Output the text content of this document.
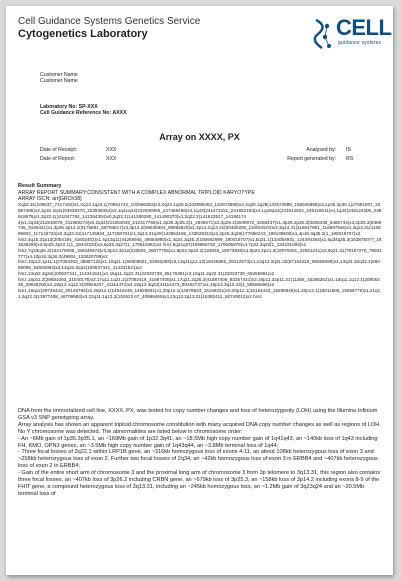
Cell Guidance Systems Genetics Service
Cytogenetics Laboratory	CELL
guidance systems
Customer Name
Customer Name
Laboratory No: SP-XXX
Cell Guidance Reference No: AXXX
Array on XXXX, PX
Date of Receipt:	XXX
Date of Report:	XXX
Analysed by: IS
Report generated by: RS
Result Summary
ARRAY REPORT SUMMARY:CONSISTENT WITH A COMPLEX ABNORMAL TRIPLOID KARYOTYPE
ARRAY ISCN: arr[GRCh38]
Xq22.31(106537_7417150)x1,Xq13.1q22.1(70651742_102996363)x3,Xq22.1q26.2(102996363_132572888)x4,Xq26.2q28(132572889_156040895)x3,1p35.3p35.1(27891007_33687488)x3,1p32.3q41(53529370_222939354)x3,1q41q44(222939355_247465468)x4,1q43(241473151_241652183)x4,1q43q44(241612832_245115611)x4,1q44(245124206_248918679)x1,2p22.1(141047782_141364304)x0,2q22.1(141280280_141490370)x1,2q22.2(141623517_14188174
4)x1,2q34(211918078_211960274)x0,2q34(211964046_212317756)x1,3p26.3p25.2(1_2849071)x3,3p26.2(2849072_3256437)x1,3p26.2p25.3(3256438_8486744)x3,3p25.3(8486745_9165441)x1,3p25.3p14.2(9175891_59793817)x3,3p14.2(59835694_59993820)x1,3p14.2q13.31(60460206_115019104)x3,3q13.31(116647891_116897946)x1,3q13.31(116898602_117143734)x0,3q13.31(117145824_117206704)x1,3q13.31q29(142652185_143829313)x3,3p26.3q29(177656243_198138508)x1,4p16.3q35.2(1_190016707)x2
hmz,4q15.31p13(2054194_41602402)x1,4p13q11(44265946_49084990)x1,4q34.3q35.2(180662999_190016707)x1,5q31.1(134054931_134494364)x1,5q34q35.3(163875077_181538269)x3,6p25.3p22.1(1_29442233)x3,6p25.3q27(1_170610382)x2 hmz,6q21q27(109866792_170605979)x3,7p22.3q33(1_134231008)x2
hmz,7q33q36.3(134176009_159345973)x3,8p23.3p12(220692_36077755)x1,9p24.3p22.2(133828_18073936)x1,9p22.2p21.3(18076281_22551241)x3,9q21.31(79167270_79931777)x4,10p15.3q26.3(49904_133620799)x2
hmz,10p12.1p11.1(27054303_38857126)x1,10q21.1(58609821_52682288)x3,13q11q12.13(18445955_26412573)x1,13q12.2q21.32(67154215_68069098)x4,13q21.32q32.1(68069099_94826084)x3,13q32.3q34(100637341_114341521)x2
hmz,13q32.3q34(100637341_114341521)x1,15q11.2q22.31(22033739_65176381)x3,15q11.2q22.31(22033739_65255981)x2
hmz,16p11.2(29681093_31040175)x3,17q11.1q21.2(27052418_41587405)x1,17q21.2q25.3(41587406_83257441)x3,18p11.32p11.21(11368_15286252)x1,18q11.1q12.1(20805338_29926206)x3,18q12.1q12.3(29926207_41114472)x4,18q12.3q23(41114473_80252737)x1,19p13.3q13.43(1_58586566)x2
hmz,19q12(29725443_30146794)x3,20p12.1(14542248_14825631)x1,20p12.1(14879833_15159231)x0,20p12.1(15164442_15298849)x1,20p12.1(15811806_15956779)x1,21q11.2q22.3(13977408_46709983)x3,22q11.1q13.2(153523 67_40969469)x3,22q13.2q13.31(15382411_50749012)x2 hmz

DNA from the immortalized cell line, XXXX, PX, was tested for copy number changes and loss of heterozygosity (LOH) using the Illumina Infinium GSA v3 SNP genotyping array.

Array analysis has shown an apparent triploid chromosome constitution with many acquired DNA copy number changes as well as regions of LOH. No Y chromosome was detected. The abnormalities are listed below in chromosome order:

- An ~6Mb gain of 1p35.3p35.1, an ~169Mb gain of 1p32.3q41, an ~18.5Mb high copy number gain of 1q41q43, an ~140kb loss of 1q43 including FH, KMO, OPN3 genes, an ~3.5Mb high copy number gain of 1q43q44, an ~3.8Mb terminal loss of 1q44;

- Three focal losses of 2q22.1 within LRP1B gene, an ~316kb homozygous loss of exons 4-11, an about 108kb heterozygous loss of exon 3 and ~258kb heterozygous loss of exon 2. Further two focal losses of 2q34, an ~42kb homozygous loss of exon 3 in ERBB4 and ~407kb heterozygous loss of exon 2 in ERBB4;

- Gain of the entire short arm of chromosome 3 and the proximal long arm of chromosome 3 from 3p telomere to 3q13.31, this region also contains three focal losses, an ~407kb loss of 3p26.2 including CRBN gene, an ~679kb loss of 3p25.3, an ~158kb loss of 3p14.2 including exons 8-9 of the FHIT gene, a compound heterozygous loss of 3q13.31, including an ~245kb homozygous loss, an ~1.2Mb gain of 3q23q24 and an ~20.5Mb terminal loss of
